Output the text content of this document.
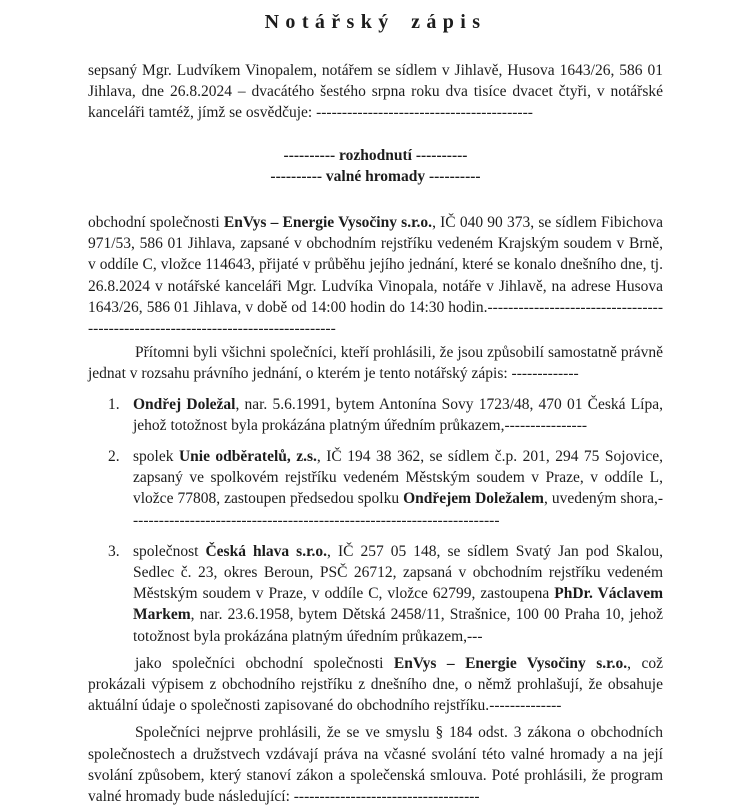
Notářský zápis

sepsaný Mgr. Ludvíkem Vinopalem, notářem se sídlem v Jihlavě, Husova 1643/26, 586 01 Jihlava, dne 26.8.2024 – dvacátého šestého srpna roku dva tisíce dvacet čtyři, v notářské kanceláři tamtéž, jímž se osvědčuje: ------------------------------------------

---------- rozhodnutí ----------
---------- valné hromady ----------

obchodní společnosti EnVys – Energie Vysočiny s.r.o., IČ 040 90 373, se sídlem Fibichova 971/53, 586 01 Jihlava, zapsané v obchodním rejstříku vedeném Krajským soudem v Brně, v oddíle C, vložce 114643, přijaté v průběhu jejího jednání, které se konalo dnešního dne, tj. 26.8.2024 v notářské kanceláři Mgr. Ludvíka Vinopala, notáře v Jihlavě, na adrese Husova 1643/26, 586 01 Jihlava, v době od 14:00 hodin do 14:30 hodin.----------------------------------------------------------------------------------

Přítomni byli všichni společníci, kteří prohlásili, že jsou způsobilí samostatně právně jednat v rozsahu právního jednání, o kterém je tento notářský zápis: -------------

1. Ondřej Doležal, nar. 5.6.1991, bytem Antonína Sovy 1723/48, 470 01 Česká Lípa, jehož totožnost byla prokázána platným úředním průkazem,----------------
2. spolek Unie odběratelů, z.s., IČ 194 38 362, se sídlem č.p. 201, 294 75 Sojovice, zapsaný ve spolkovém rejstříku vedeném Městským soudem v Praze, v oddíle L, vložce 77808, zastoupen předsedou spolku Ondřejem Doležalem, uvedeným shora,------------------------------------------------------------------------
3. společnost Česká hlava s.r.o., IČ 257 05 148, se sídlem Svatý Jan pod Skalou, Sedlec č. 23, okres Beroun, PSČ 26712, zapsaná v obchodním rejstříku vedeném Městským soudem v Praze, v oddíle C, vložce 62799, zastoupena PhDr. Václavem Markem, nar. 23.6.1958, bytem Dětská 2458/11, Strašnice, 100 00 Praha 10, jehož totožnost byla prokázána platným úředním průkazem,---

jako společníci obchodní společnosti EnVys – Energie Vysočiny s.r.o., což prokázali výpisem z obchodního rejstříku z dnešního dne, o němž prohlašují, že obsahuje aktuální údaje o společnosti zapisované do obchodního rejstříku.--------------

Společníci nejprve prohlásili, že se ve smyslu § 184 odst. 3 zákona o obchodních společnostech a družstvech vzdávají práva na včasné svolání této valné hromady a na její svolání způsobem, který stanoví zákon a společenská smlouva. Poté prohlásili, že program valné hromady bude následující: ------------------------------------
